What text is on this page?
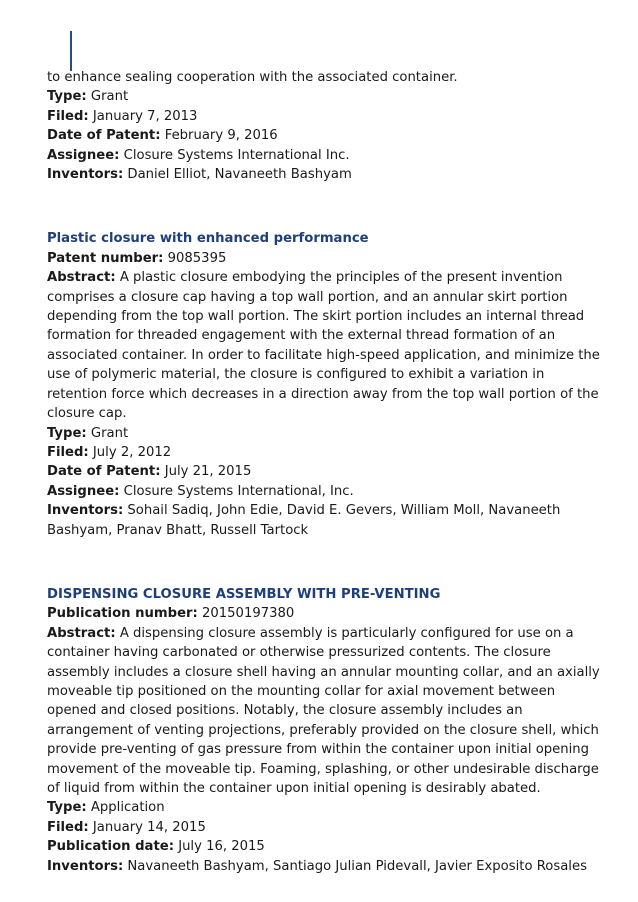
to enhance sealing cooperation with the associated container.

Type: Grant

Filed: January 7, 2013

Date of Patent: February 9, 2016

Assignee: Closure Systems International Inc.

Inventors: Daniel Elliot, Navaneeth Bashyam

Plastic closure with enhanced performance

Patent number: 9085395

Abstract: A plastic closure embodying the principles of the present invention comprises a closure cap having a top wall portion, and an annular skirt portion depending from the top wall portion. The skirt portion includes an internal thread formation for threaded engagement with the external thread formation of an associated container. In order to facilitate high-speed application, and minimize the use of polymeric material, the closure is configured to exhibit a variation in retention force which decreases in a direction away from the top wall portion of the closure cap.

Type: Grant

Filed: July 2, 2012

Date of Patent: July 21, 2015

Assignee: Closure Systems International, Inc.

Inventors: Sohail Sadiq, John Edie, David E. Gevers, William Moll, Navaneeth Bashyam, Pranav Bhatt, Russell Tartock

DISPENSING CLOSURE ASSEMBLY WITH PRE-VENTING

Publication number: 20150197380

Abstract: A dispensing closure assembly is particularly configured for use on a container having carbonated or otherwise pressurized contents. The closure assembly includes a closure shell having an annular mounting collar, and an axially moveable tip positioned on the mounting collar for axial movement between opened and closed positions. Notably, the closure assembly includes an arrangement of venting projections, preferably provided on the closure shell, which provide pre-venting of gas pressure from within the container upon initial opening movement of the moveable tip. Foaming, splashing, or other undesirable discharge of liquid from within the container upon initial opening is desirably abated.

Type: Application

Filed: January 14, 2015

Publication date: July 16, 2015

Inventors: Navaneeth Bashyam, Santiago Julian Pidevall, Javier Exposito Rosales
